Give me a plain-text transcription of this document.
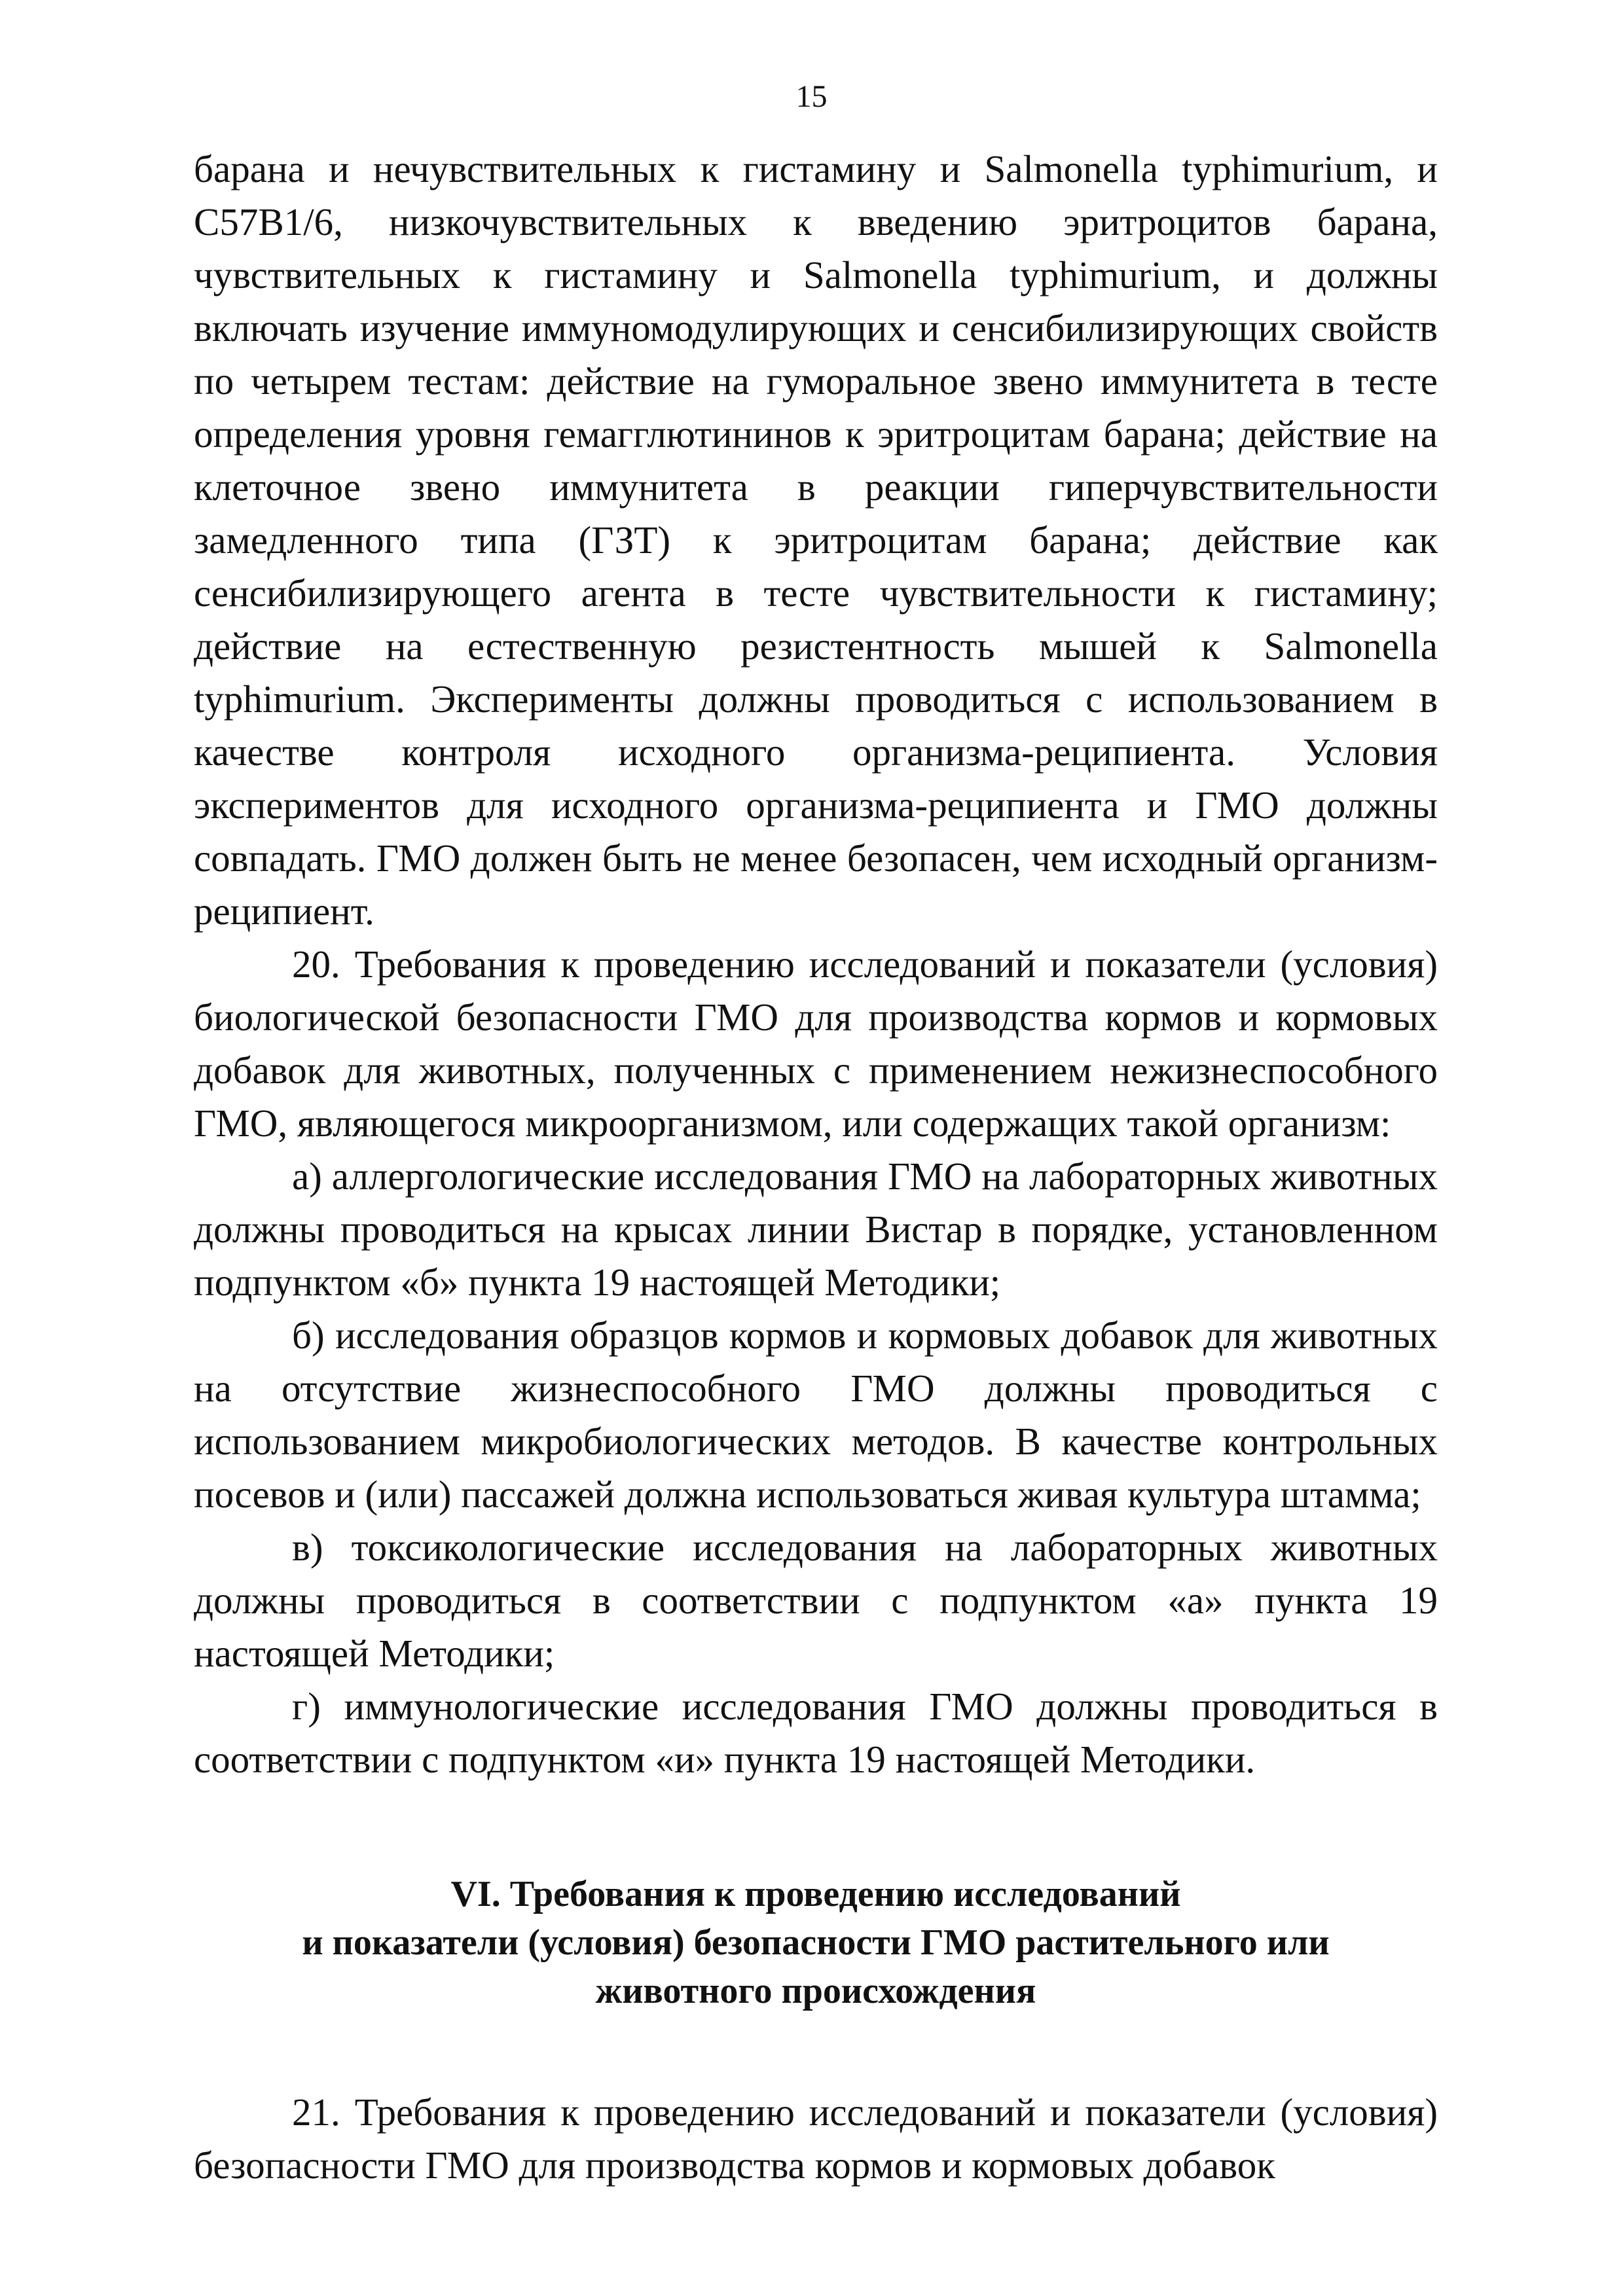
15

барана и нечувствительных к гистамину и Salmonella typhimurium, и C57B1/6, низкочувствительных к введению эритроцитов барана, чувствительных к гистамину и Salmonella typhimurium, и должны включать изучение иммуномодулирующих и сенсибилизирующих свойств по четырем тестам: действие на гуморальное звено иммунитета в тесте определения уровня гемагглютининов к эритроцитам барана; действие на клеточное звено иммунитета в реакции гиперчувствительности замедленного типа (ГЗТ) к эритроцитам барана; действие как сенсибилизирующего агента в тесте чувствительности к гистамину; действие на естественную резистентность мышей к Salmonella typhimurium. Эксперименты должны проводиться с использованием в качестве контроля исходного организма-реципиента. Условия экспериментов для исходного организма-реципиента и ГМО должны совпадать. ГМО должен быть не менее безопасен, чем исходный организм-реципиент.

20. Требования к проведению исследований и показатели (условия) биологической безопасности ГМО для производства кормов и кормовых добавок для животных, полученных с применением нежизнеспособного ГМО, являющегося микроорганизмом, или содержащих такой организм:

а) аллергологические исследования ГМО на лабораторных животных должны проводиться на крысах линии Вистар в порядке, установленном подпунктом «б» пункта 19 настоящей Методики;

б) исследования образцов кормов и кормовых добавок для животных на отсутствие жизнеспособного ГМО должны проводиться с использованием микробиологических методов. В качестве контрольных посевов и (или) пассажей должна использоваться живая культура штамма;

в) токсикологические исследования на лабораторных животных должны проводиться в соответствии с подпунктом «а» пункта 19 настоящей Методики;

г) иммунологические исследования ГМО должны проводиться в соответствии с подпунктом «и» пункта 19 настоящей Методики.

VI. Требования к проведению исследований
и показатели (условия) безопасности ГМО растительного или
животного происхождения

21. Требования к проведению исследований и показатели (условия) безопасности ГМО для производства кормов и кормовых добавок
